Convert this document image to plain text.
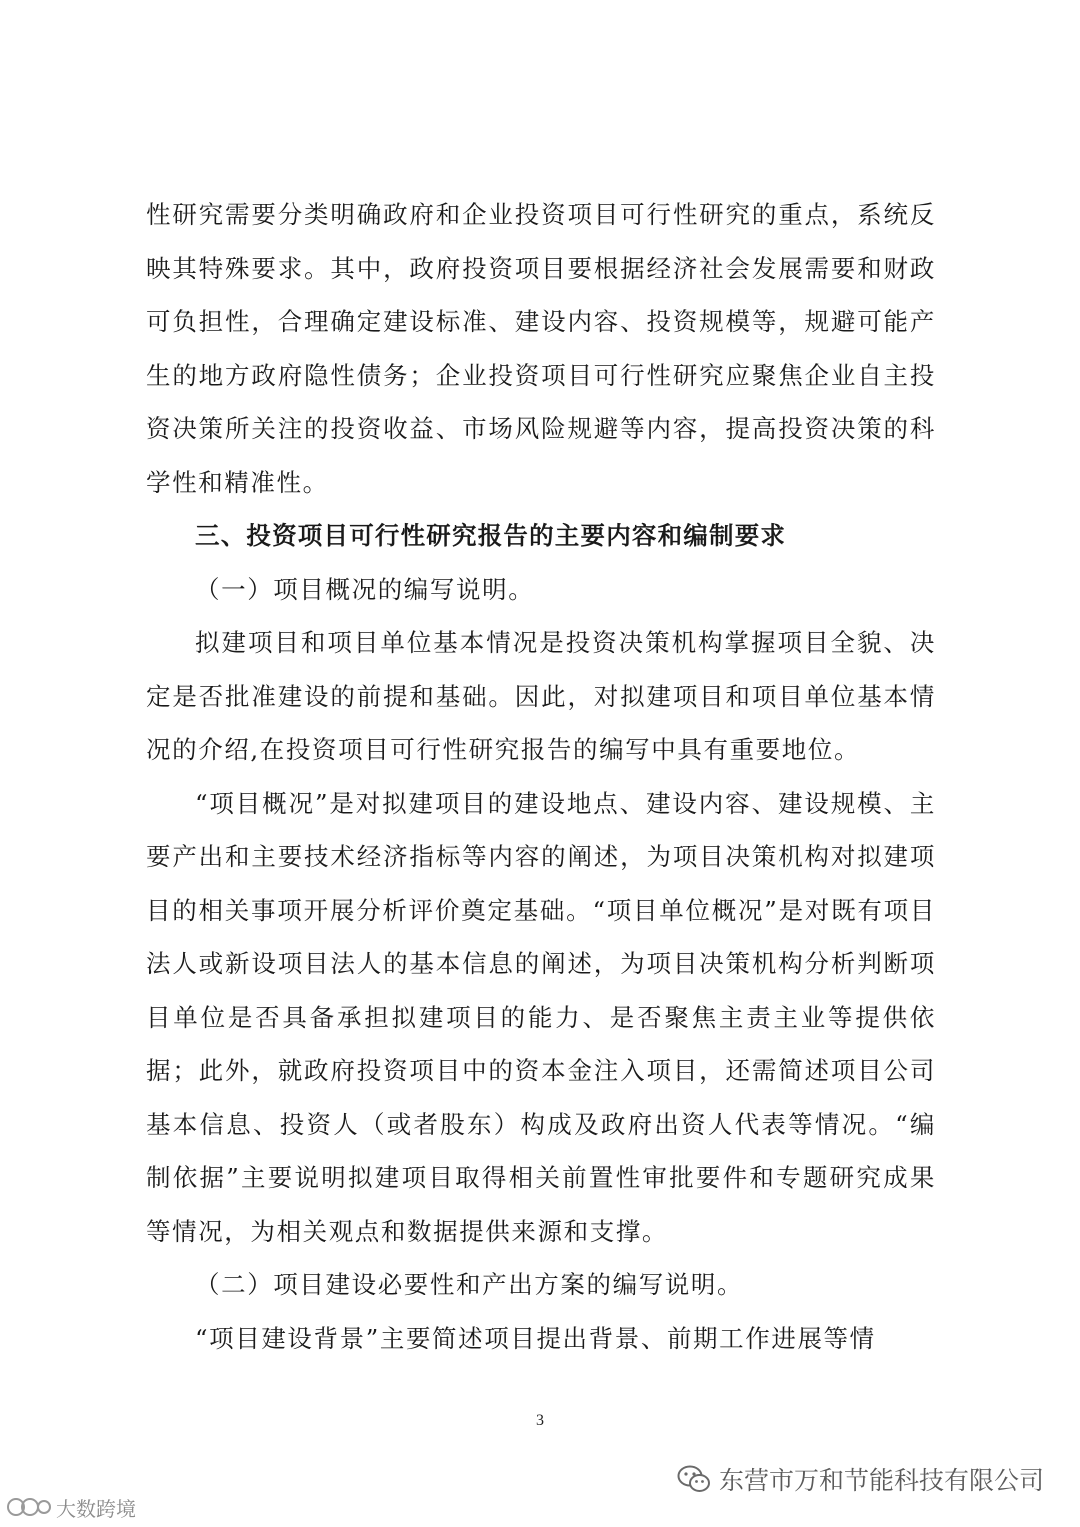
性研究需要分类明确政府和企业投资项目可行性研究的重点，系统反映其特殊要求。其中，政府投资项目要根据经济社会发展需要和财政可负担性，合理确定建设标准、建设内容、投资规模等，规避可能产生的地方政府隐性债务；企业投资项目可行性研究应聚焦企业自主投资决策所关注的投资收益、市场风险规避等内容，提高投资决策的科学性和精准性。

三、投资项目可行性研究报告的主要内容和编制要求

（一）项目概况的编写说明。

拟建项目和项目单位基本情况是投资决策机构掌握项目全貌、决定是否批准建设的前提和基础。因此，对拟建项目和项目单位基本情况的介绍,在投资项目可行性研究报告的编写中具有重要地位。

“项目概况”是对拟建项目的建设地点、建设内容、建设规模、主要产出和主要技术经济指标等内容的阐述，为项目决策机构对拟建项目的相关事项开展分析评价奠定基础。“项目单位概况”是对既有项目法人或新设项目法人的基本信息的阐述，为项目决策机构分析判断项目单位是否具备承担拟建项目的能力、是否聚焦主责主业等提供依据；此外，就政府投资项目中的资本金注入项目，还需简述项目公司基本信息、投资人（或者股东）构成及政府出资人代表等情况。“编制依据”主要说明拟建项目取得相关前置性审批要件和专题研究成果等情况，为相关观点和数据提供来源和支撑。

（二）项目建设必要性和产出方案的编写说明。

“项目建设背景”主要简述项目提出背景、前期工作进展等情

3
东营市万和节能科技有限公司
大数跨境
